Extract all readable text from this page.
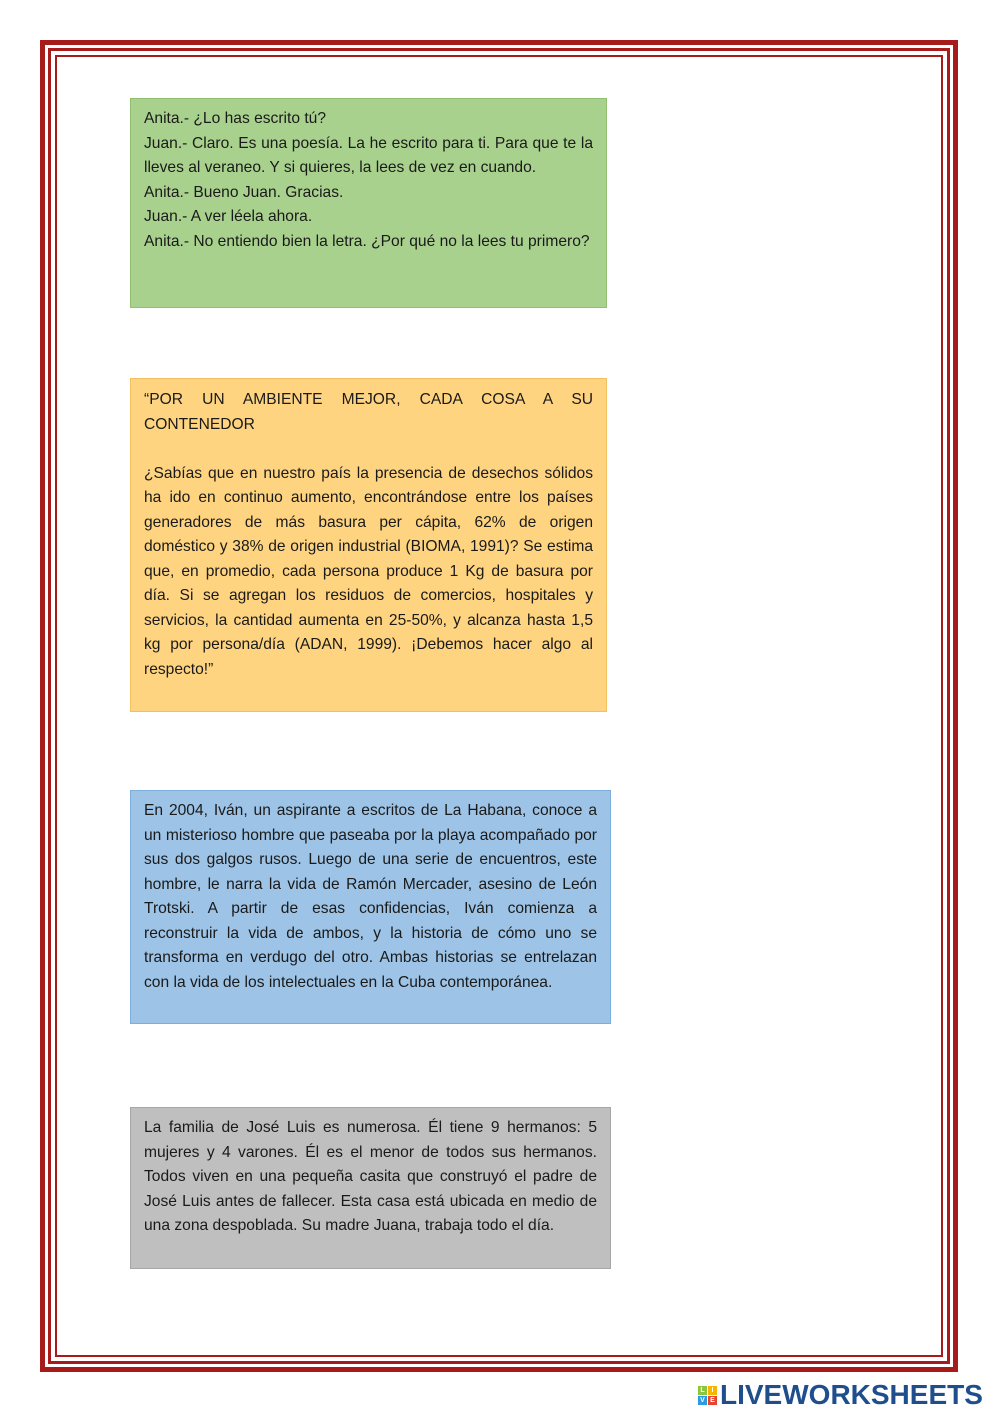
Anita.- ¿Lo has escrito tú?

Juan.- Claro. Es una poesía. La he escrito para ti. Para que te la lleves al veraneo. Y si quieres, la lees de vez en cuando.

Anita.- Bueno Juan. Gracias.

Juan.- A ver léela ahora.

Anita.- No entiendo bien la letra. ¿Por qué no la lees tu primero?

“POR UN AMBIENTE MEJOR, CADA COSA A SU CONTENEDOR

¿Sabías que en nuestro país la presencia de desechos sólidos ha ido en continuo aumento, encontrándose entre los países generadores de más basura per cápita, 62% de origen doméstico y 38% de origen industrial (BIOMA, 1991)? Se estima que, en promedio, cada persona produce 1 Kg de basura por día. Si se agregan los residuos de comercios, hospitales y servicios, la cantidad aumenta en 25-50%, y alcanza hasta 1,5 kg por persona/día (ADAN, 1999). ¡Debemos hacer algo al respecto!”

En 2004, Iván, un aspirante a escritos de La Habana, conoce a un misterioso hombre que paseaba por la playa acompañado por sus dos galgos rusos. Luego de una serie de encuentros, este hombre, le narra la vida de Ramón Mercader, asesino de León Trotski. A partir de esas confidencias, Iván comienza a reconstruir la vida de ambos, y la historia de cómo uno se transforma en verdugo del otro. Ambas historias se entrelazan con la vida de los intelectuales en la Cuba contemporánea.

La familia de José Luis es numerosa. Él tiene 9 hermanos: 5 mujeres y 4 varones. Él es el menor de todos sus hermanos. Todos viven en una pequeña casita que construyó el padre de José Luis antes de fallecer. Esta casa está ubicada en medio de una zona despoblada. Su madre Juana, trabaja todo el día.

L I
V E LIVEWORKSHEETS
